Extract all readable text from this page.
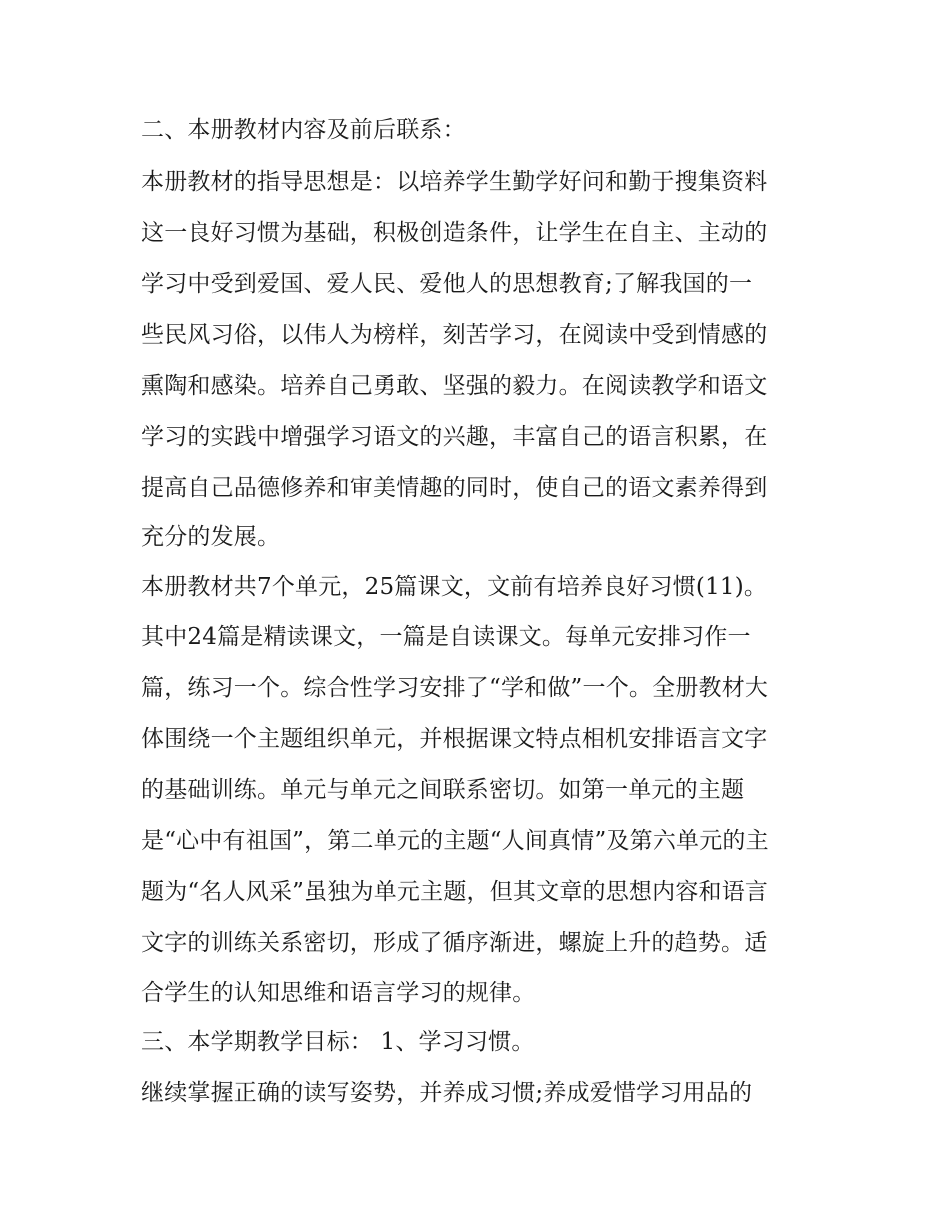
二、本册教材内容及前后联系：

本册教材的指导思想是：以培养学生勤学好问和勤于搜集资料

这一良好习惯为基础，积极创造条件，让学生在自主、主动的

学习中受到爱国、爱人民、爱他人的思想教育;了解我国的一

些民风习俗，以伟人为榜样，刻苦学习，在阅读中受到情感的

熏陶和感染。培养自己勇敢、坚强的毅力。在阅读教学和语文

学习的实践中增强学习语文的兴趣，丰富自己的语言积累，在

提高自己品德修养和审美情趣的同时，使自己的语文素养得到

充分的发展。

本册教材共7个单元，25篇课文，文前有培养良好习惯(11)。

其中24篇是精读课文，一篇是自读课文。每单元安排习作一

篇，练习一个。综合性学习安排了“学和做”一个。全册教材大

体围绕一个主题组织单元，并根据课文特点相机安排语言文字

的基础训练。单元与单元之间联系密切。如第一单元的主题

是“心中有祖国”，第二单元的主题“人间真情”及第六单元的主

题为“名人风采”虽独为单元主题，但其文章的思想内容和语言

文字的训练关系密切，形成了循序渐进，螺旋上升的趋势。适

合学生的认知思维和语言学习的规律。

三、本学期教学目标： 1、学习习惯。

继续掌握正确的读写姿势，并养成习惯;养成爱惜学习用品的
